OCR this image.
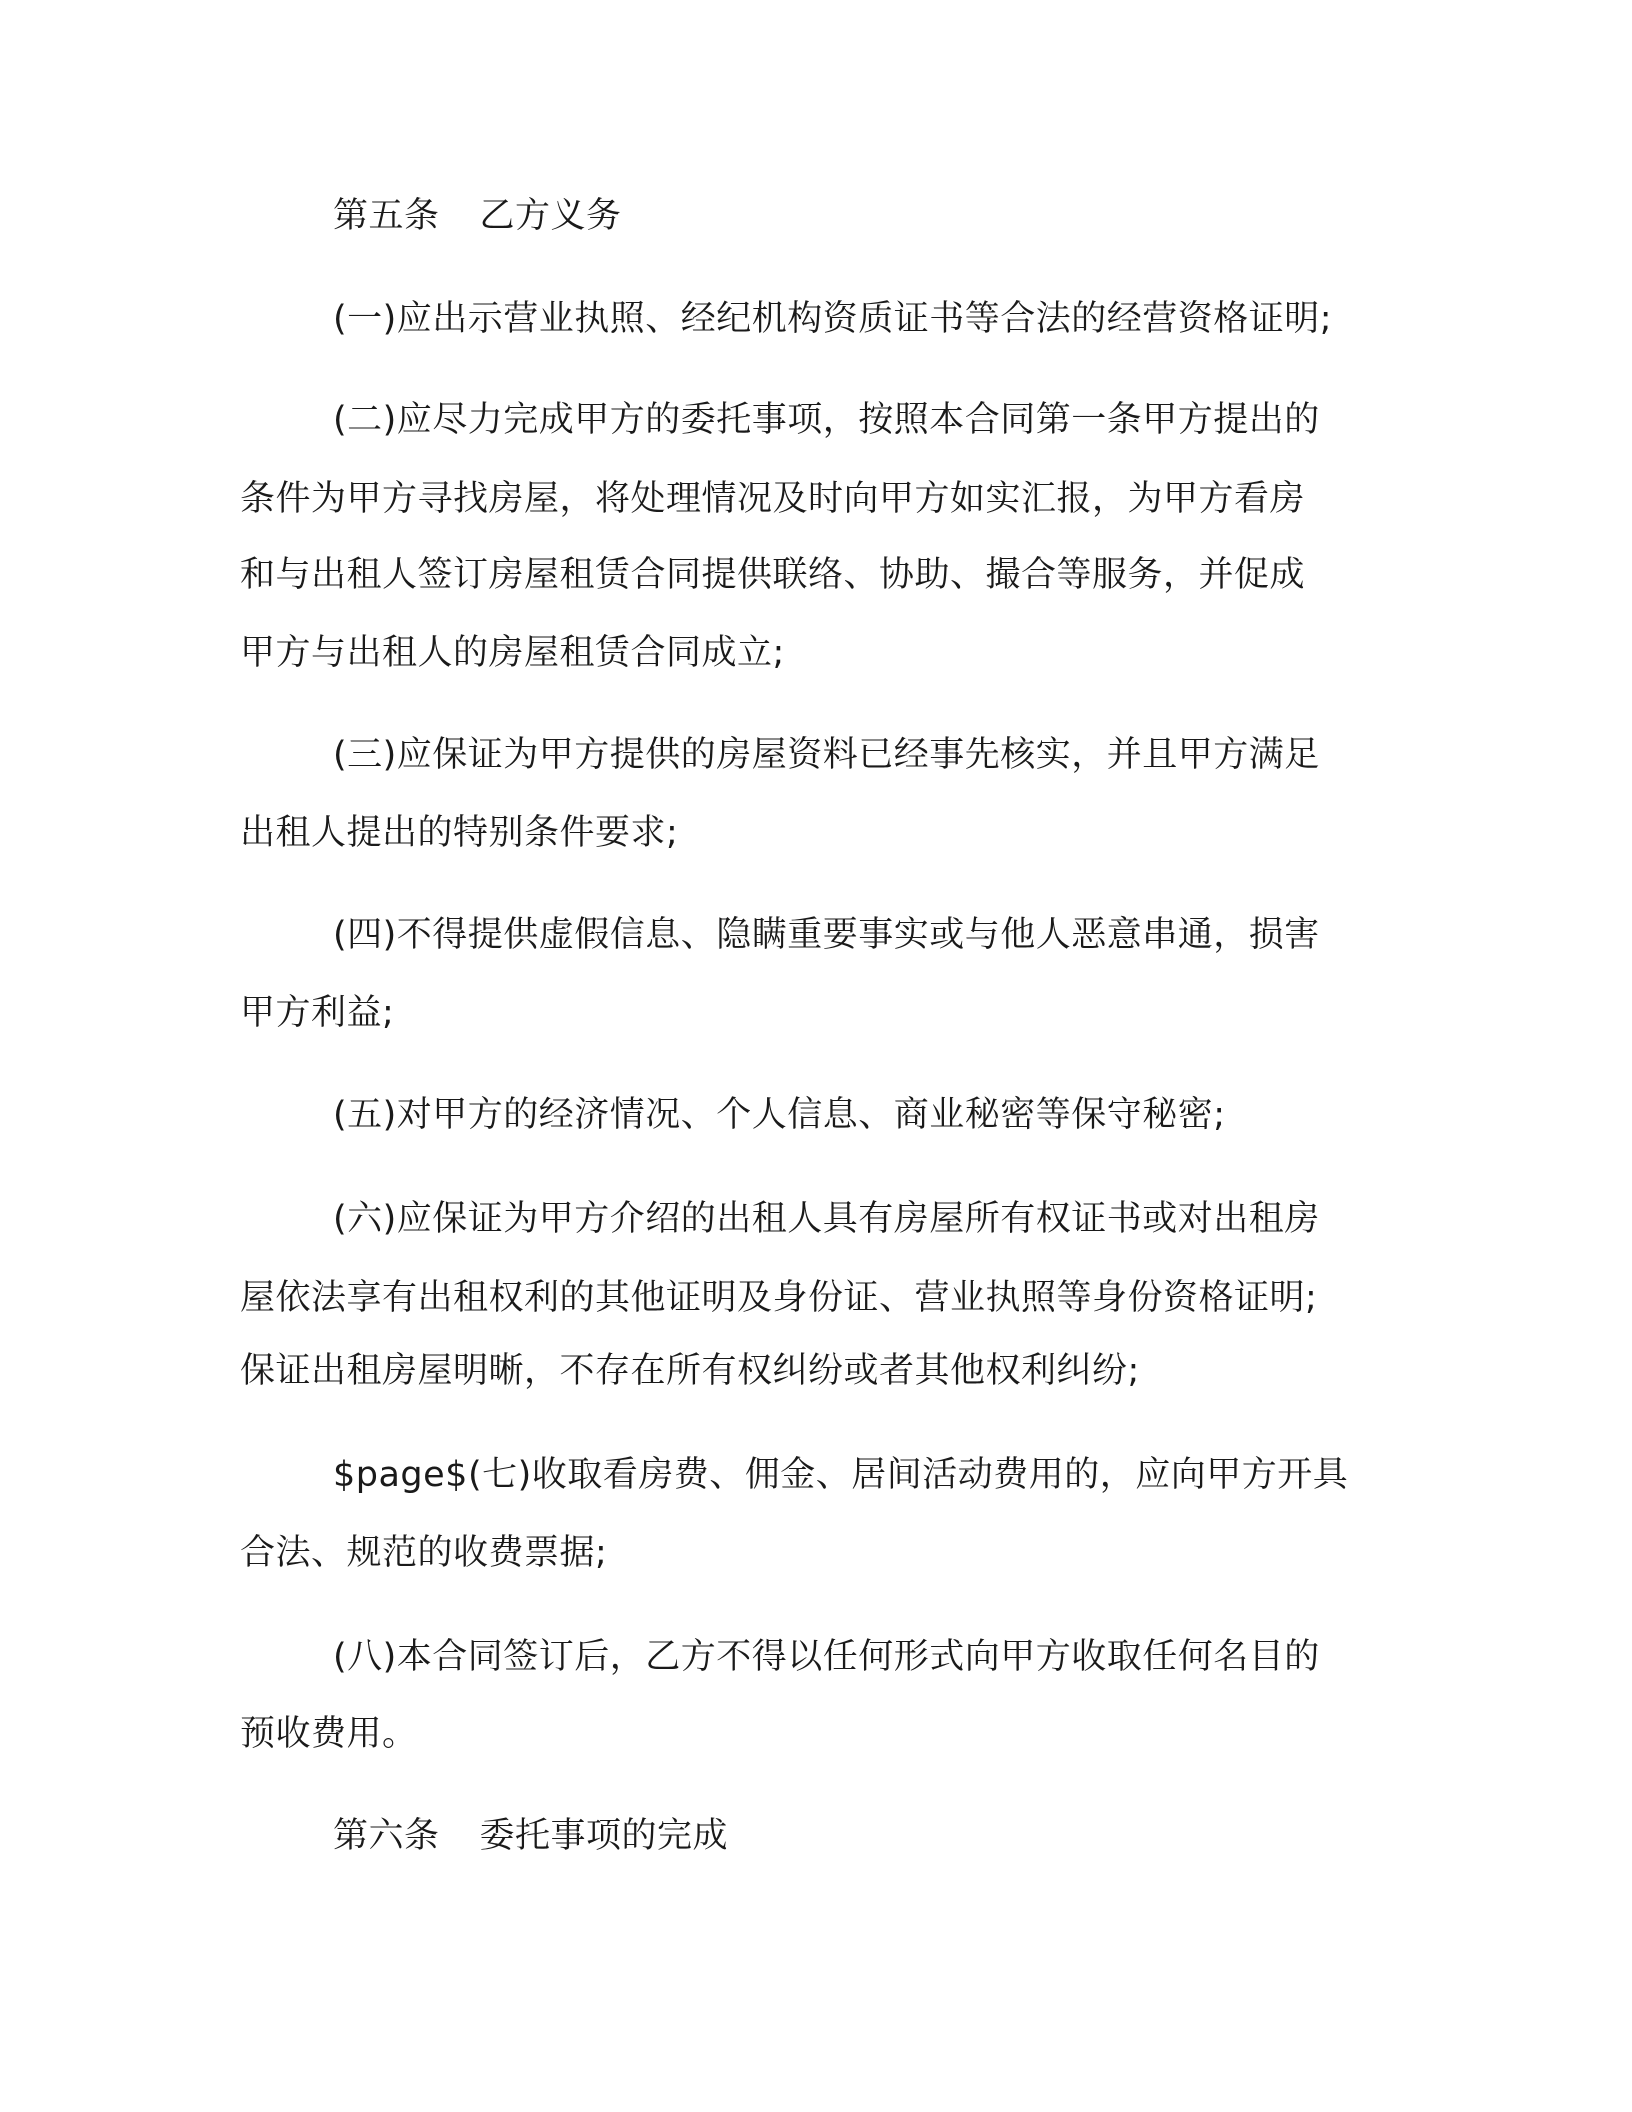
第五条 乙方义务
(一)应出示营业执照、经纪机构资质证书等合法的经营资格证明;
(二)应尽力完成甲方的委托事项，按照本合同第一条甲方提出的
条件为甲方寻找房屋，将处理情况及时向甲方如实汇报，为甲方看房
和与出租人签订房屋租赁合同提供联络、协助、撮合等服务，并促成
甲方与出租人的房屋租赁合同成立;
(三)应保证为甲方提供的房屋资料已经事先核实，并且甲方满足
出租人提出的特别条件要求;
(四)不得提供虚假信息、隐瞒重要事实或与他人恶意串通，损害
甲方利益;
(五)对甲方的经济情况、个人信息、商业秘密等保守秘密;
(六)应保证为甲方介绍的出租人具有房屋所有权证书或对出租房
屋依法享有出租权利的其他证明及身份证、营业执照等身份资格证明;
保证出租房屋明晰，不存在所有权纠纷或者其他权利纠纷;
$page$(七)收取看房费、佣金、居间活动费用的，应向甲方开具
合法、规范的收费票据;
(八)本合同签订后，乙方不得以任何形式向甲方收取任何名目的
预收费用。
第六条 委托事项的完成
